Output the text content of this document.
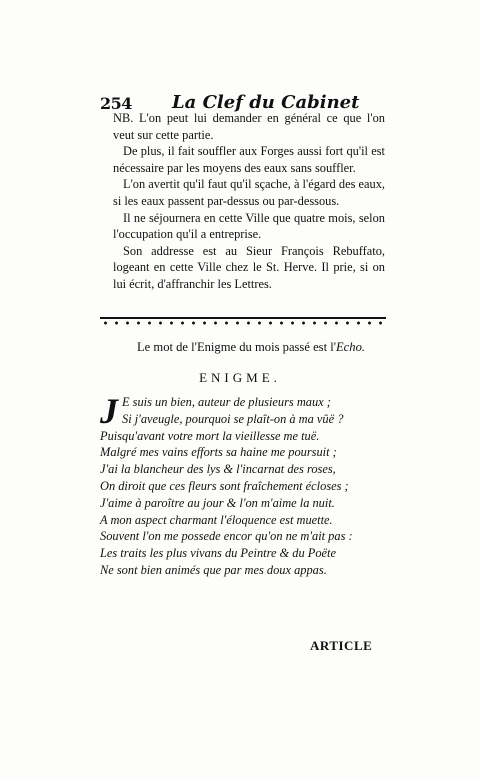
254 La Clef du Cabinet

NB. L'on peut lui demander en général ce que l'on veut sur cette partie.

De plus, il fait souffler aux Forges aussi fort qu'il est nécessaire par les moyens des eaux sans souffler.

L'on avertit qu'il faut qu'il sçache, à l'égard des eaux, si les eaux passent par-dessus ou par-dessous.

Il ne séjournera en cette Ville que quatre mois, selon l'occupation qu'il a entreprise.

Son addresse est au Sieur François Rebuffato, logeant en cette Ville chez le St. Herve. Il prie, si on lui écrit, d'affranchir les Lettres.

Le mot de l'Enigme du mois passé est l'Echo.
ENIGME.
J E suis un bien, auteur de plusieurs maux ;
Si j'aveugle, pourquoi se plaît-on à ma vûë ?
Puisqu'avant votre mort la vieillesse me tuë.
Malgré mes vains efforts sa haine me poursuit ;
J'ai la blancheur des lys & l'incarnat des roses,
On diroit que ces fleurs sont fraîchement écloses ;
J'aime à paroître au jour & l'on m'aime la nuit.
A mon aspect charmant l'éloquence est muette.
Souvent l'on me possede encor qu'on ne m'ait pas :
Les traits les plus vivans du Peintre & du Poëte
Ne sont bien animés que par mes doux appas.
ARTICLE
